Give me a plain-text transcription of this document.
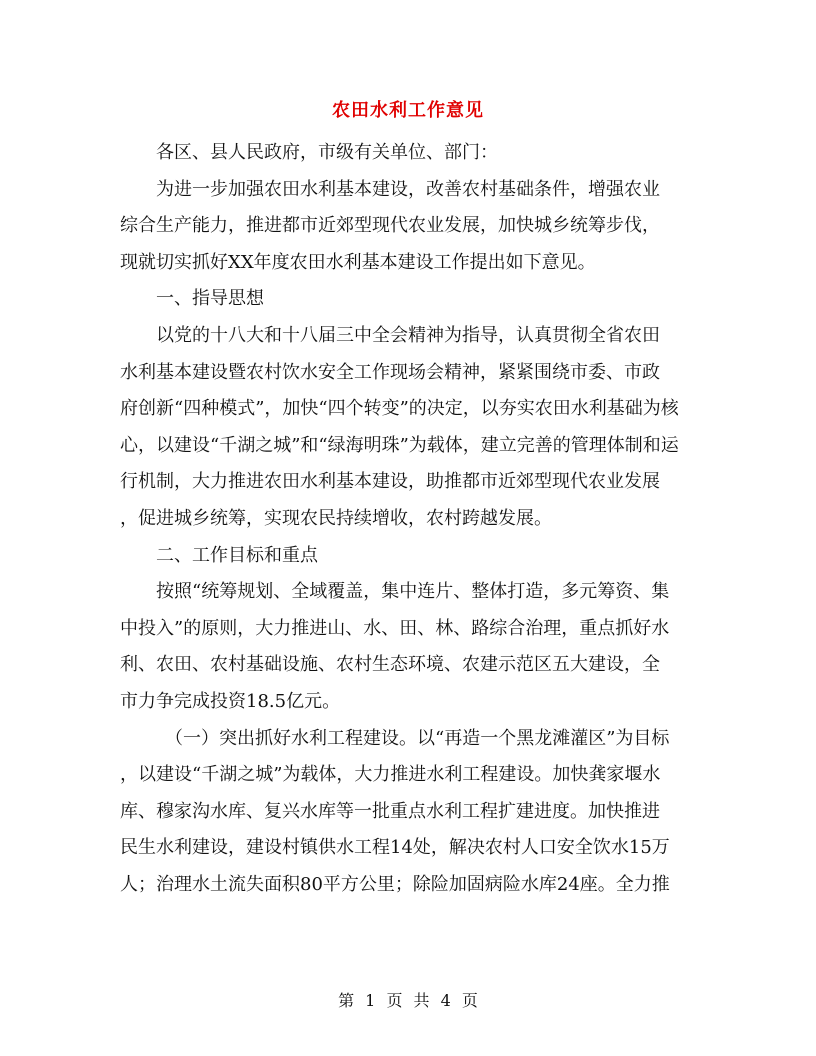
农田水利工作意见
各区、县人民政府，市级有关单位、部门：
为进一步加强农田水利基本建设，改善农村基础条件，增强农业
综合生产能力，推进都市近郊型现代农业发展，加快城乡统筹步伐，
现就切实抓好XX年度农田水利基本建设工作提出如下意见。
一、指导思想
以党的十八大和十八届三中全会精神为指导，认真贯彻全省农田
水利基本建设暨农村饮水安全工作现场会精神，紧紧围绕市委、市政
府创新“四种模式”，加快“四个转变”的决定，以夯实农田水利基础为核
心，以建设“千湖之城”和“绿海明珠”为载体，建立完善的管理体制和运
行机制，大力推进农田水利基本建设，助推都市近郊型现代农业发展
，促进城乡统筹，实现农民持续增收，农村跨越发展。
二、工作目标和重点
按照“统筹规划、全域覆盖，集中连片、整体打造，多元筹资、集
中投入”的原则，大力推进山、水、田、林、路综合治理，重点抓好水
利、农田、农村基础设施、农村生态环境、农建示范区五大建设，全
市力争完成投资18.5亿元。
（一）突出抓好水利工程建设。以“再造一个黑龙滩灌区”为目标
，以建设“千湖之城”为载体，大力推进水利工程建设。加快龚家堰水
库、穆家沟水库、复兴水库等一批重点水利工程扩建进度。加快推进
民生水利建设，建设村镇供水工程14处，解决农村人口安全饮水15万
人；治理水土流失面积80平方公里；除险加固病险水库24座。全力推
第 1 页 共 4 页
